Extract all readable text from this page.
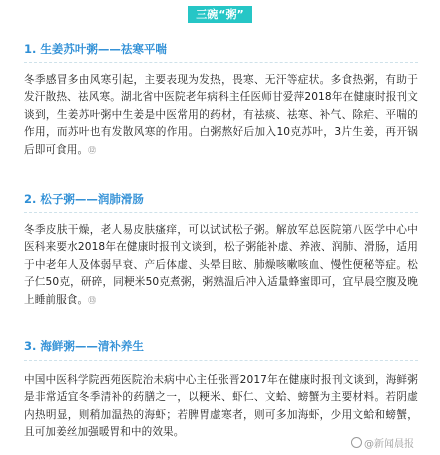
三碗“粥”

1. 生姜苏叶粥——祛寒平喘

冬季感冒多由风寒引起，主要表现为发热，畏寒、无汗等症状。多食热粥，有助于发汗散热、祛风寒。湖北省中医院老年病科主任医师甘爱萍2018年在健康时报刊文谈到，生姜苏叶粥中生姜是中医常用的药材，有祛痰、祛寒、补气、除疟、平喘的作用，而苏叶也有发散风寒的作用。白粥熬好后加入10克苏叶，3片生姜，再开锅后即可食用。⑫

2. 松子粥——润肺滑肠

冬季皮肤干燥，老人易皮肤瘙痒，可以试试松子粥。解放军总医院第八医学中心中医科来要水2018年在健康时报刊文谈到，松子粥能补虚、养液、润肺、滑肠，适用于中老年人及体弱早衰、产后体虚、头晕目眩、肺燥咳嗽咳血、慢性便秘等症。松子仁50克，研碎，同粳米50克煮粥，粥熟温后冲入适量蜂蜜即可，宜早晨空腹及晚上睡前服食。⑬

3. 海鲜粥——清补养生

中国中医科学院西苑医院治未病中心主任张晋2017年在健康时报刊文谈到，海鲜粥是非常适宜冬季清补的药膳之一，以粳米、虾仁、文蛤、螃蟹为主要材料。若阴虚内热明显，则稍加温热的海虾；若脾胃虚寒者，则可多加海虾，少用文蛤和螃蟹，且可加姜丝加强暖胃和中的效果。

@新闻晨报
